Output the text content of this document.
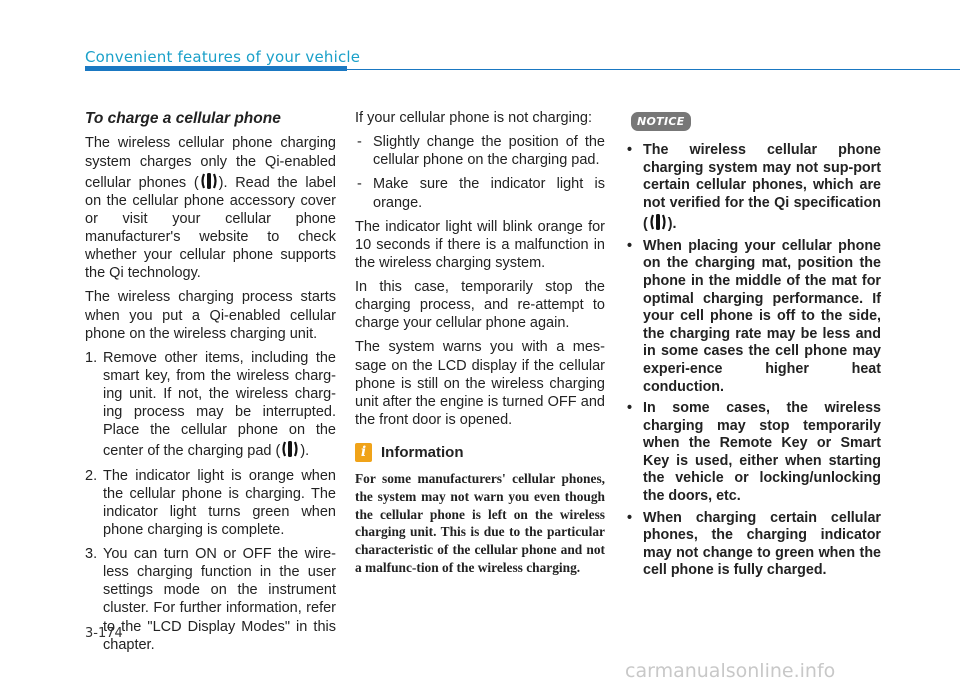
Convenient features of your vehicle
To charge a cellular phone

The wireless cellular phone charging system charges only the Qi-enabled cellular phones ( ). Read the label on the cellular phone accessory cover or visit your cellular phone manufacturer's website to check whether your cellular phone supports the Qi technology.

The wireless charging process starts when you put a Qi-enabled cellular phone on the wireless charging unit.

1. Remove other items, including the smart key, from the wireless charg-ing unit. If not, the wireless charg-ing process may be interrupted. Place the cellular phone on the center of the charging pad ( ).
2. The indicator light is orange when the cellular phone is charging. The indicator light turns green when phone charging is complete.
3. You can turn ON or OFF the wire-less charging function in the user settings mode on the instrument cluster. For further information, refer to the "LCD Display Modes" in this chapter.

If your cellular phone is not charging:

- Slightly change the position of the cellular phone on the charging pad.
- Make sure the indicator light is orange.

The indicator light will blink orange for 10 seconds if there is a malfunction in the wireless charging system.

In this case, temporarily stop the charging process, and re-attempt to charge your cellular phone again.

The system warns you with a mes-sage on the LCD display if the cellular phone is still on the wireless charging unit after the engine is turned OFF and the front door is opened.

i Information

For some manufacturers' cellular phones, the system may not warn you even though the cellular phone is left on the wireless charging unit. This is due to the particular characteristic of the cellular phone and not a malfunc-tion of the wireless charging.

NOTICE
• The wireless cellular phone charging system may not sup-port certain cellular phones, which are not verified for the Qi specification ( ).
• When placing your cellular phone on the charging mat, position the phone in the middle of the mat for optimal charging performance. If your cell phone is off to the side, the charging rate may be less and in some cases the cell phone may experi-ence higher heat conduction.
• In some cases, the wireless charging may stop temporarily when the Remote Key or Smart Key is used, either when starting the vehicle or locking/unlocking the doors, etc.
• When charging certain cellular phones, the charging indicator may not change to green when the cell phone is fully charged.
3-174
carmanualsonline.info
